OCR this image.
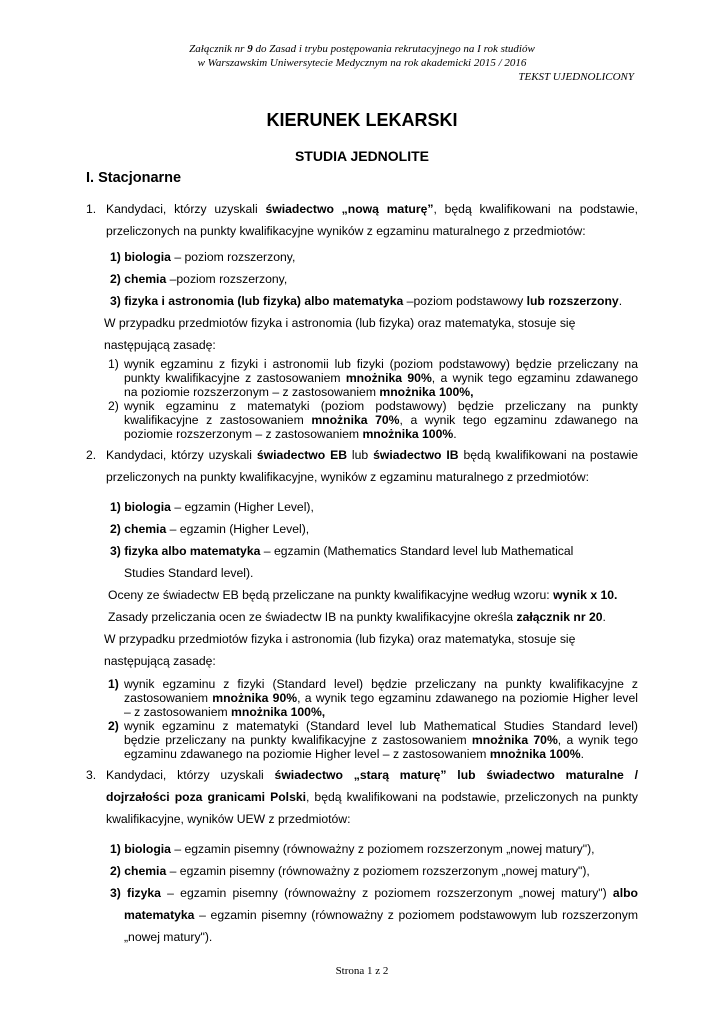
Załącznik nr 9 do Zasad i trybu postępowania rekrutacyjnego na I rok studiów
w Warszawskim Uniwersytecie Medycznym na rok akademicki 2015 / 2016
TEKST UJEDNOLICONY
KIERUNEK LEKARSKI
STUDIA JEDNOLITE
I. Stacjonarne
1. Kandydaci, którzy uzyskali świadectwo „nową maturę”, będą kwalifikowani na podstawie,
przeliczonych na punkty kwalifikacyjne wyników z egzaminu maturalnego z przedmiotów:
1) biologia – poziom rozszerzony,
2) chemia –poziom rozszerzony,
3) fizyka i astronomia (lub fizyka) albo matematyka –poziom podstawowy lub rozszerzony.
W przypadku przedmiotów fizyka i astronomia (lub fizyka) oraz matematyka, stosuje się
następującą zasadę:
1) wynik egzaminu z fizyki i astronomii lub fizyki (poziom podstawowy) będzie przeliczany na
punkty kwalifikacyjne z zastosowaniem mnożnika 90%, a wynik tego egzaminu zdawanego
na poziomie rozszerzonym – z zastosowaniem mnożnika 100%,
2) wynik egzaminu z matematyki (poziom podstawowy) będzie przeliczany na punkty
kwalifikacyjne z zastosowaniem mnożnika 70%, a wynik tego egzaminu zdawanego na
poziomie rozszerzonym – z zastosowaniem mnożnika 100%.
2. Kandydaci, którzy uzyskali świadectwo EB lub świadectwo IB będą kwalifikowani na postawie
przeliczonych na punkty kwalifikacyjne, wyników z egzaminu maturalnego z przedmiotów:
1) biologia – egzamin (Higher Level),
2) chemia – egzamin (Higher Level),
3) fizyka albo matematyka – egzamin (Mathematics Standard level lub Mathematical
Studies Standard level).
Oceny ze świadectw EB będą przeliczane na punkty kwalifikacyjne według wzoru: wynik x 10.
Zasady przeliczania ocen ze świadectw IB na punkty kwalifikacyjne określa załącznik nr 20.
W przypadku przedmiotów fizyka i astronomia (lub fizyka) oraz matematyka, stosuje się
następującą zasadę:
1) wynik egzaminu z fizyki (Standard level) będzie przeliczany na punkty kwalifikacyjne z
zastosowaniem mnożnika 90%, a wynik tego egzaminu zdawanego na poziomie Higher level
– z zastosowaniem mnożnika 100%,
2) wynik egzaminu z matematyki (Standard level lub Mathematical Studies Standard level)
będzie przeliczany na punkty kwalifikacyjne z zastosowaniem mnożnika 70%, a wynik tego
egzaminu zdawanego na poziomie Higher level – z zastosowaniem mnożnika 100%.
3. Kandydaci, którzy uzyskali świadectwo „starą maturę” lub świadectwo maturalne /
dojrzałości poza granicami Polski, będą kwalifikowani na podstawie, przeliczonych na punkty
kwalifikacyjne, wyników UEW z przedmiotów:
1) biologia – egzamin pisemny (równoważny z poziomem rozszerzonym „nowej matury"),
2) chemia – egzamin pisemny (równoważny z poziomem rozszerzonym „nowej matury"),
3) fizyka – egzamin pisemny (równoważny z poziomem rozszerzonym „nowej matury") albo
matematyka – egzamin pisemny (równoważny z poziomem podstawowym lub rozszerzonym
„nowej matury").
Strona 1 z 2
